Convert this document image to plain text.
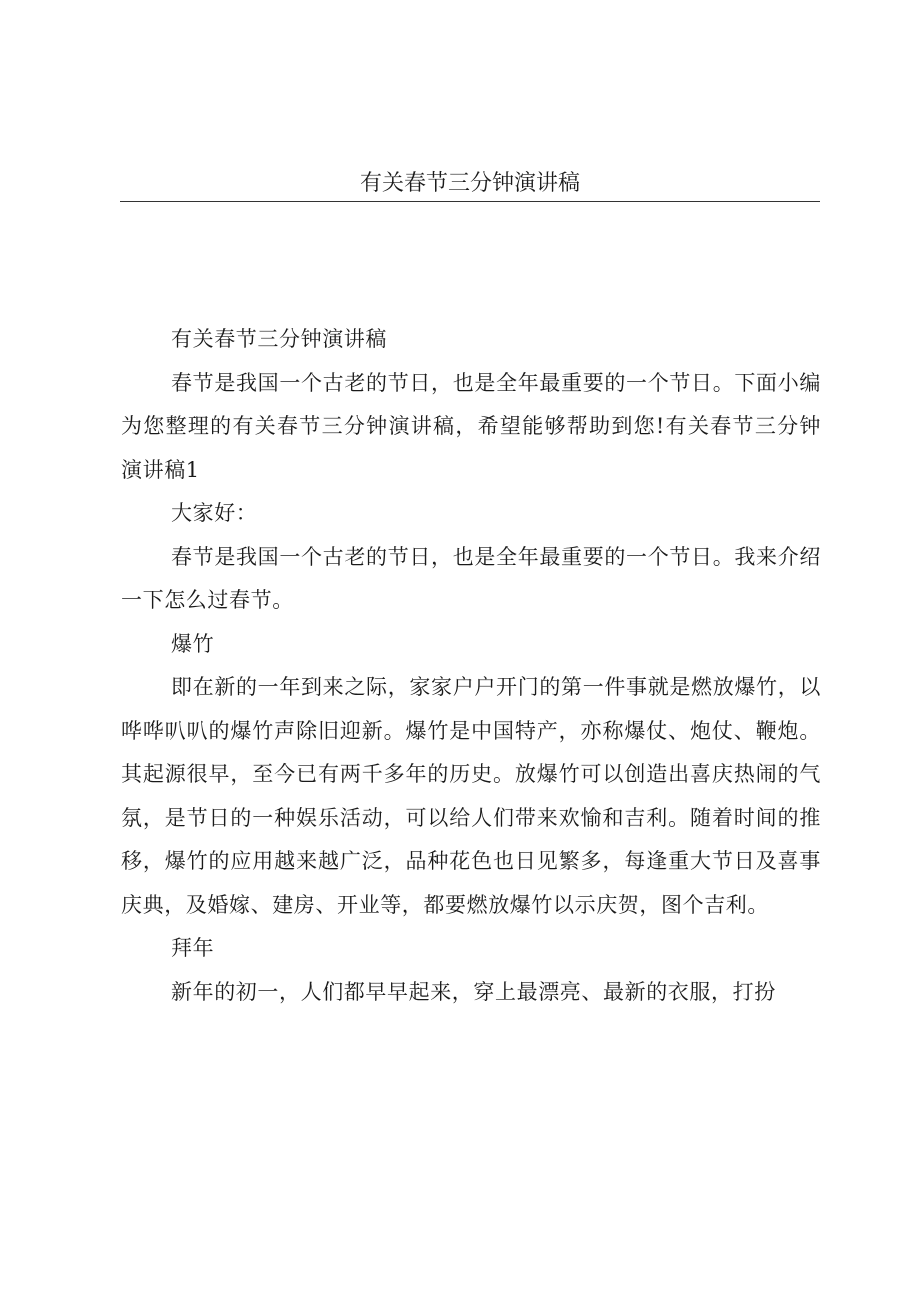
有关春节三分钟演讲稿

有关春节三分钟演讲稿

春节是我国一个古老的节日，也是全年最重要的一个节日。下面小编为您整理的有关春节三分钟演讲稿，希望能够帮助到您!有关春节三分钟演讲稿1

大家好：

春节是我国一个古老的节日，也是全年最重要的一个节日。我来介绍一下怎么过春节。

爆竹

即在新的一年到来之际，家家户户开门的第一件事就是燃放爆竹，以哗哗叭叭的爆竹声除旧迎新。爆竹是中国特产，亦称爆仗、炮仗、鞭炮。其起源很早，至今已有两千多年的历史。放爆竹可以创造出喜庆热闹的气氛，是节日的一种娱乐活动，可以给人们带来欢愉和吉利。随着时间的推移，爆竹的应用越来越广泛，品种花色也日见繁多，每逢重大节日及喜事庆典，及婚嫁、建房、开业等，都要燃放爆竹以示庆贺，图个吉利。

拜年

新年的初一，人们都早早起来，穿上最漂亮、最新的衣服，打扮
